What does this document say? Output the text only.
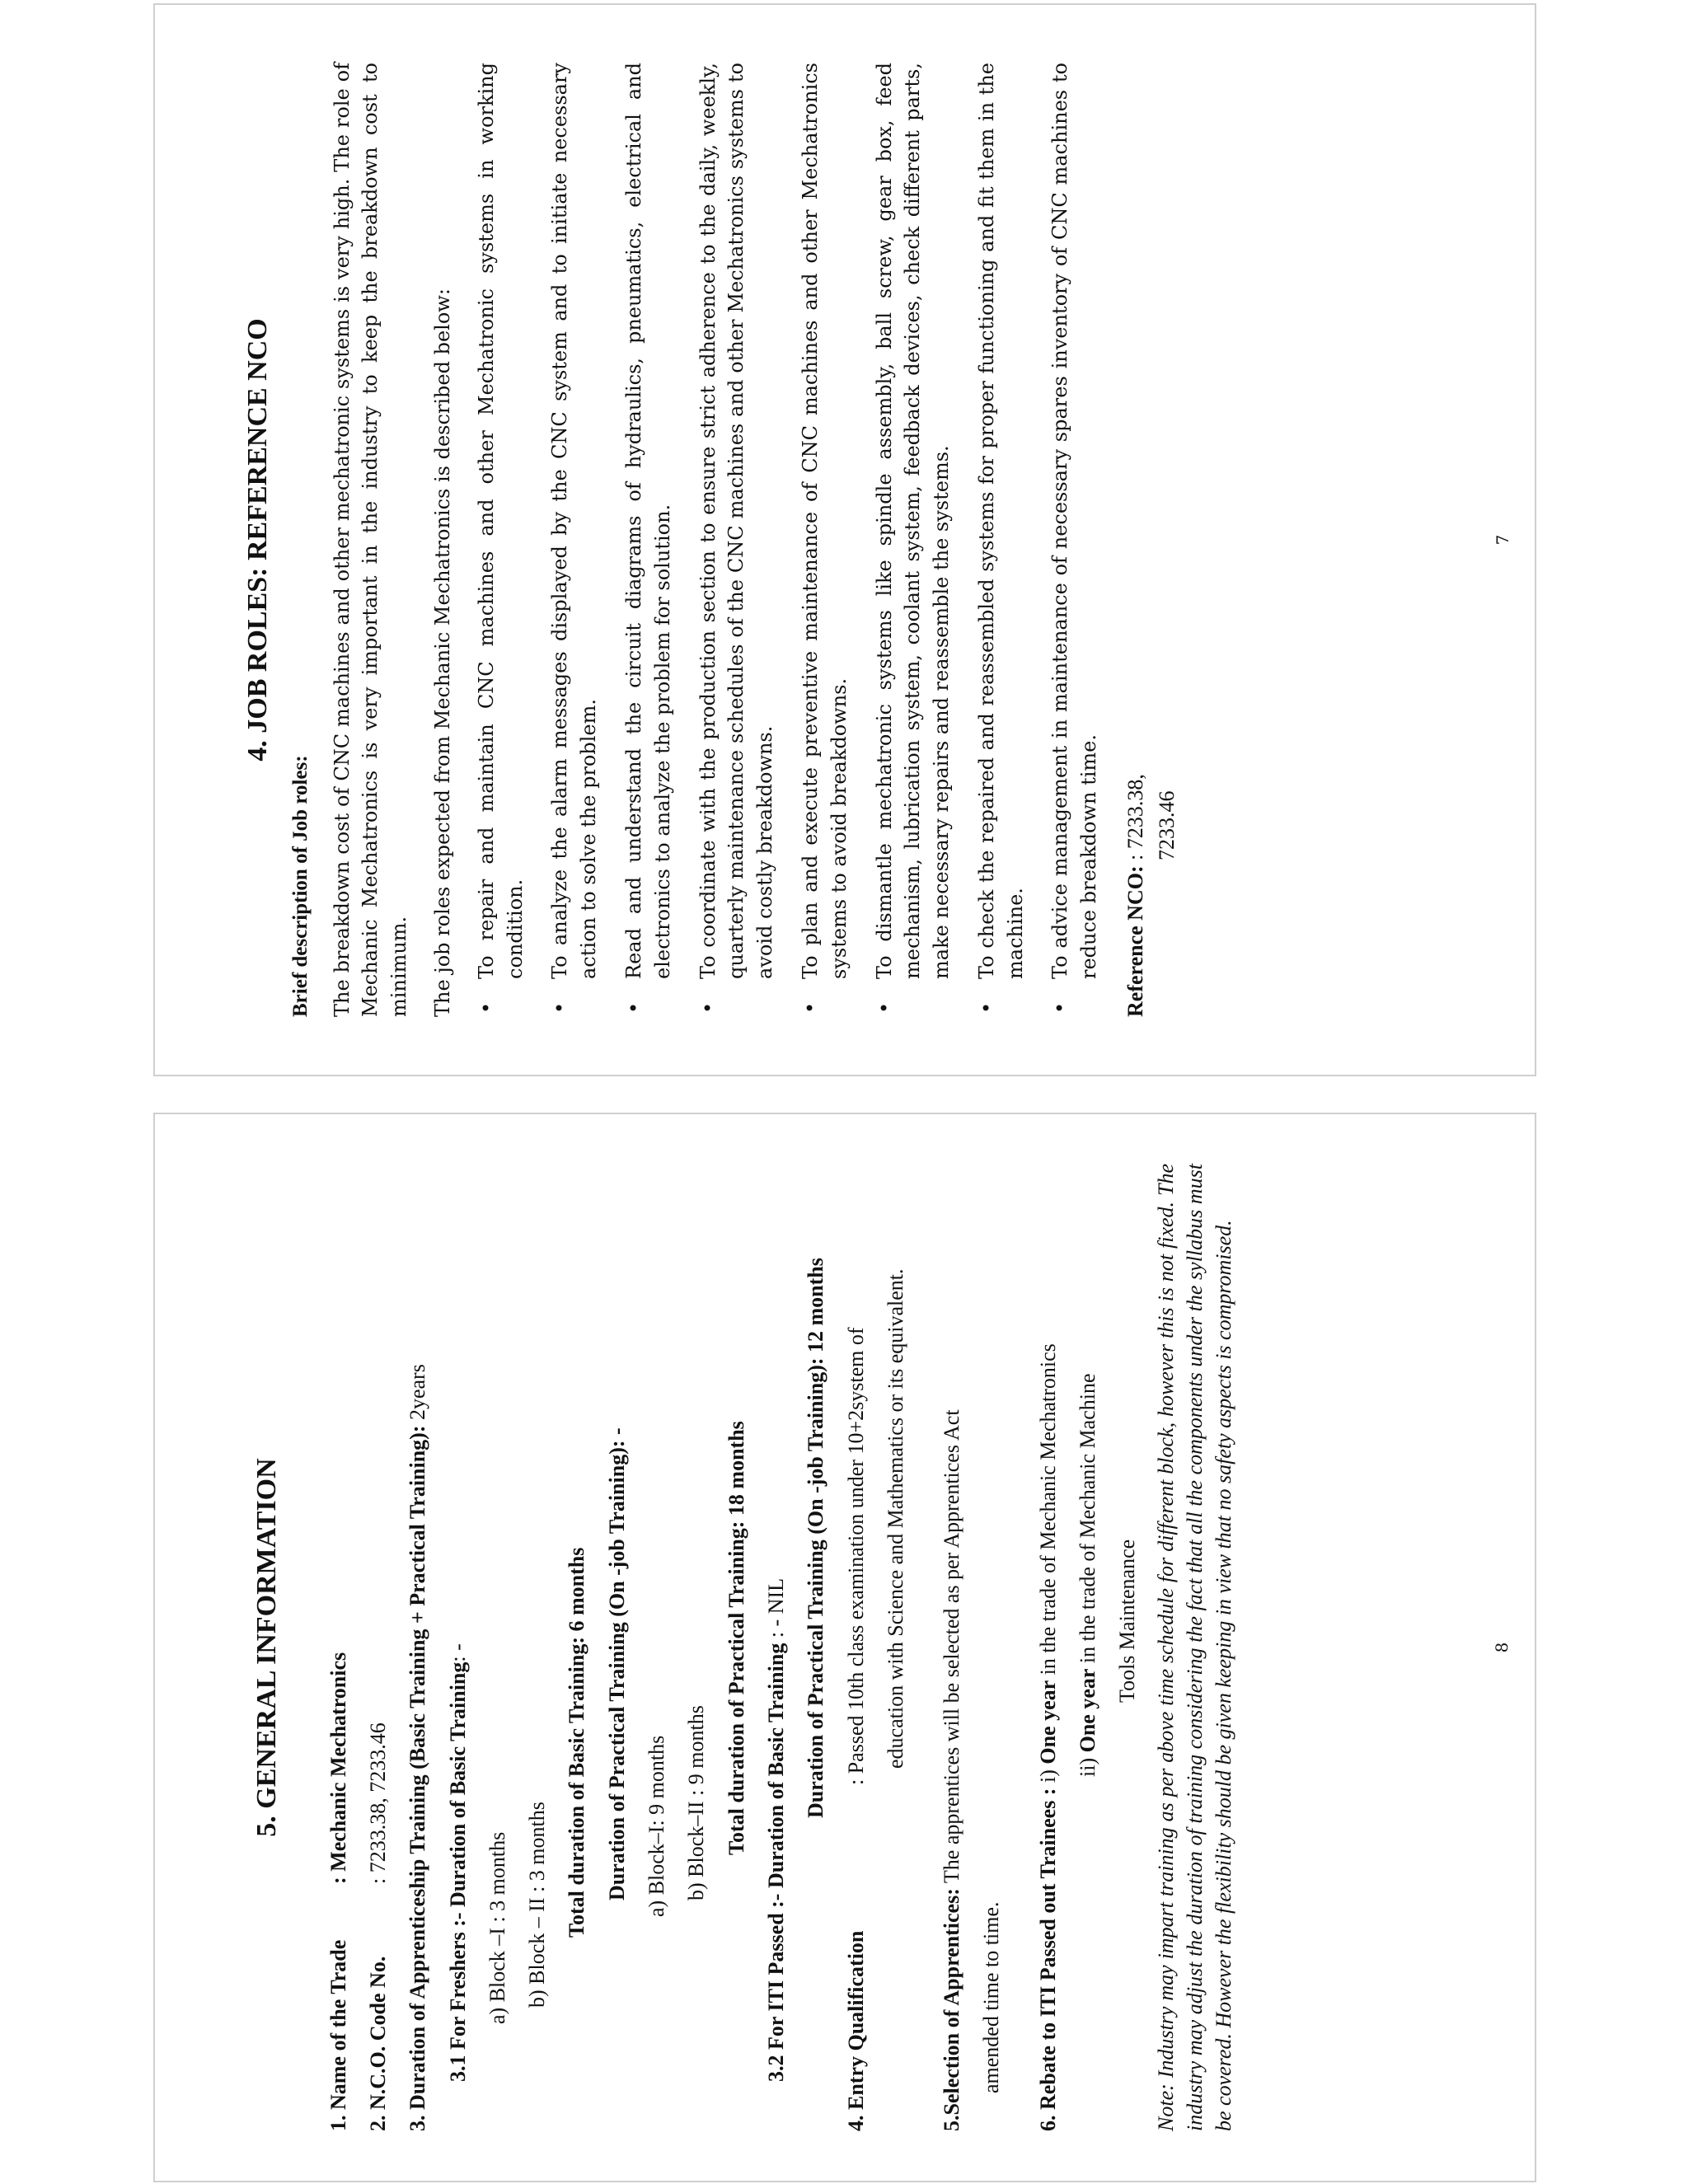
4. JOB ROLES: REFERENCE NCO
Brief description of Job roles: The breakdown cost of CNC machines and other mechatronic systems is very high. The role of Mechanic Mechatronics is very important in the industry to keep the breakdown cost to minimum. The job roles expected from Mechanic Mechatronics is described below: •
To repair and maintain CNC machines and other Mechatronic systems in working condition.
•
To analyze the alarm messages displayed by the CNC system and to initiate necessary action to solve the problem.
•
Read and understand the circuit diagrams of hydraulics, pneumatics, electrical and electronics to analyze the problem for solution.
•
To coordinate with the production section to ensure strict adherence to the daily, weekly, quarterly maintenance schedules of the CNC machines and other Mechatronics systems to avoid costly breakdowns.
•
To plan and execute preventive maintenance of CNC machines and other Mechatronics systems to avoid breakdowns.
•
To dismantle mechatronic systems like spindle assembly, ball screw, gear box, feed mechanism, lubrication system, coolant system, feedback devices, check different parts, make necessary repairs and reassemble the systems.
•
To check the repaired and reassembled systems for proper functioning and fit them in the machine.
•
To advice management in maintenance of necessary spares inventory of CNC machines to reduce breakdown time. Reference NCO: : 7233.38, 7233.46
7
5. GENERAL INFORMATION
1. Name of the Trade: Mechanic Mechatronics
2. N.C.O. Code No.: 7233.38, 7233.46 3. Duration of Apprenticeship Training (Basic Training + Practical Training): 2years
3.1 For Freshers :- Duration of Basic Training: -
a) Block –I : 3 months b) Block – II : 3 months Total duration of Basic Training: 6 months Duration of Practical Training (On -job Training): - a) Block–I: 9 months b) Block–II : 9 months Total duration of Practical Training: 18 months
3.2 For ITI Passed :- Duration of Basic Training : - NIL Duration of Practical Training (On -job Training): 12 months
4. Entry Qualification: Passed 10th class examination under 10+2system of education with Science and Mathematics or its equivalent.
5.Selection of Apprentices: The apprentices will be selected as per Apprentices Act
amended time to time. 6. Rebate to ITI Passed out Trainees : i) One year in the trade of Mechanic Mechatronics
ii) One year in the trade of Mechanic Machine Tools Maintenance Note: Industry may impart training as per above time schedule for different block, however this is not fixed. The industry may adjust the duration of training considering the fact that all the components under the syllabus must be covered. However the flexibility should be given keeping in view that no safety aspects is compromised.	8
